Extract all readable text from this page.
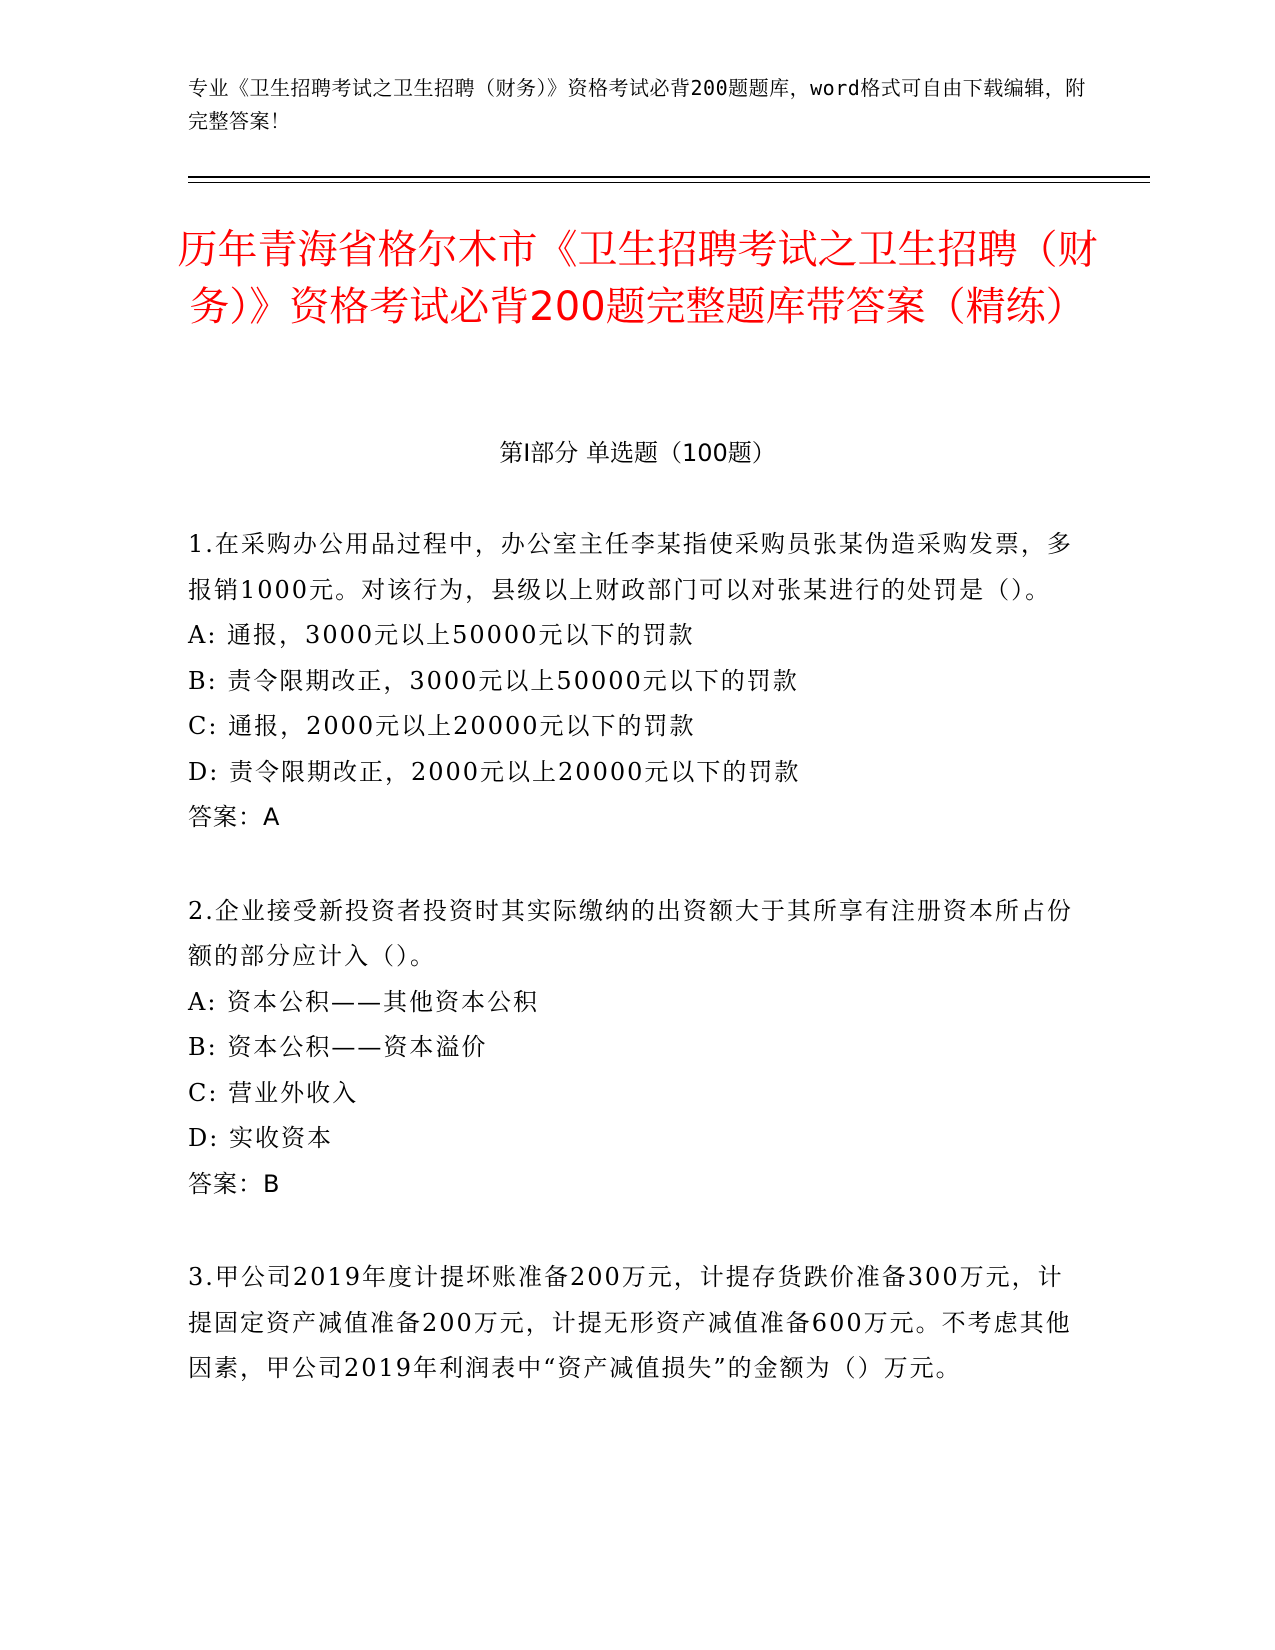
专业《卫生招聘考试之卫生招聘（财务）》资格考试必背200题题库，word格式可自由下载编辑，附完整答案！
历年青海省格尔木市《卫生招聘考试之卫生招聘（财务）》资格考试必背200题完整题库带答案（精练）
第Ⅰ部分 单选题（100题）
1.在采购办公用品过程中，办公室主任李某指使采购员张某伪造采购发票，多报销1000元。对该行为，县级以上财政部门可以对张某进行的处罚是（）。
A: 通报，3000元以上50000元以下的罚款
B: 责令限期改正，3000元以上50000元以下的罚款
C: 通报，2000元以上20000元以下的罚款
D: 责令限期改正，2000元以上20000元以下的罚款
答案：A
2.企业接受新投资者投资时其实际缴纳的出资额大于其所享有注册资本所占份额的部分应计入（）。
A: 资本公积——其他资本公积
B: 资本公积——资本溢价
C: 营业外收入
D: 实收资本
答案：B
3.甲公司2019年度计提坏账准备200万元，计提存货跌价准备300万元，计提固定资产减值准备200万元，计提无形资产减值准备600万元。不考虑其他因素，甲公司2019年利润表中“资产减值损失”的金额为（）万元。
